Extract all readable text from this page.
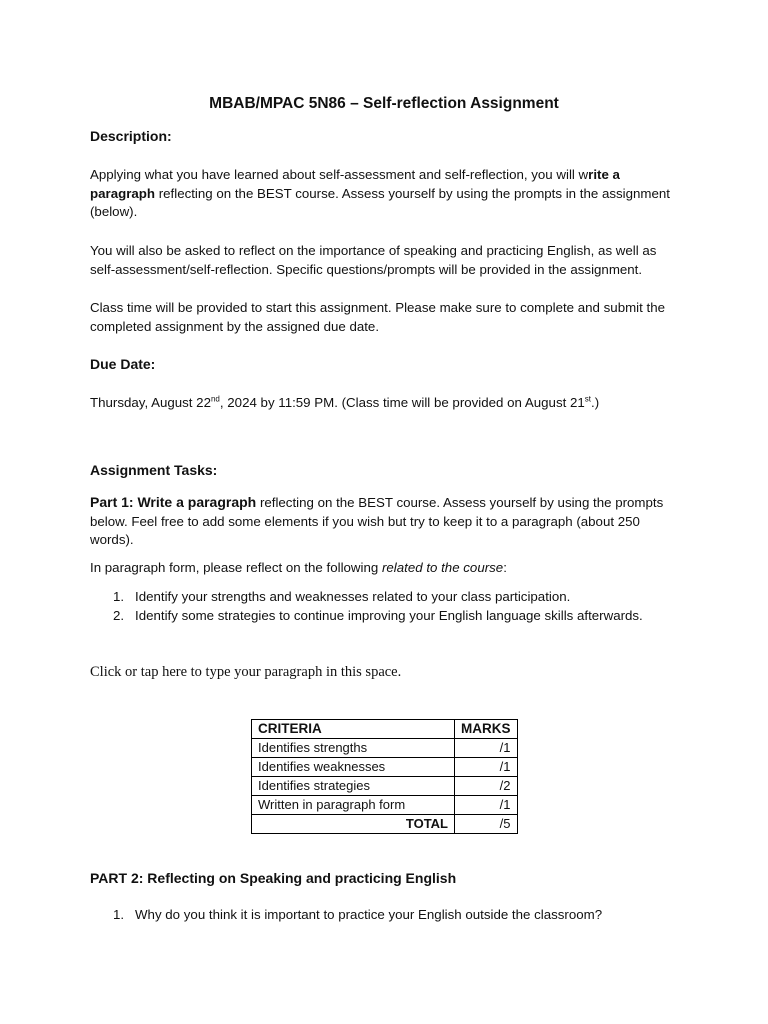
MBAB/MPAC 5N86 – Self-reflection Assignment
Description:

Applying what you have learned about self-assessment and self-reflection, you will write a paragraph reflecting on the BEST course. Assess yourself by using the prompts in the assignment (below).

You will also be asked to reflect on the importance of speaking and practicing English, as well as self-assessment/self-reflection. Specific questions/prompts will be provided in the assignment.

Class time will be provided to start this assignment. Please make sure to complete and submit the completed assignment by the assigned due date.

Due Date:

Thursday, August 22nd, 2024 by 11:59 PM. (Class time will be provided on August 21st.)

Assignment Tasks:

Part 1: Write a paragraph reflecting on the BEST course. Assess yourself by using the prompts below. Feel free to add some elements if you wish but try to keep it to a paragraph (about 250 words).

In paragraph form, please reflect on the following related to the course:

1. Identify your strengths and weaknesses related to your class participation.
2. Identify some strategies to continue improving your English language skills afterwards.
Click or tap here to type your paragraph in this space.
CRITERIA	MARKS
Identifies strengths	/1
Identifies weaknesses	/1
Identifies strategies	/2
Written in paragraph form	/1
TOTAL	/5
PART 2: Reflecting on Speaking and practicing English
1. Why do you think it is important to practice your English outside the classroom?
